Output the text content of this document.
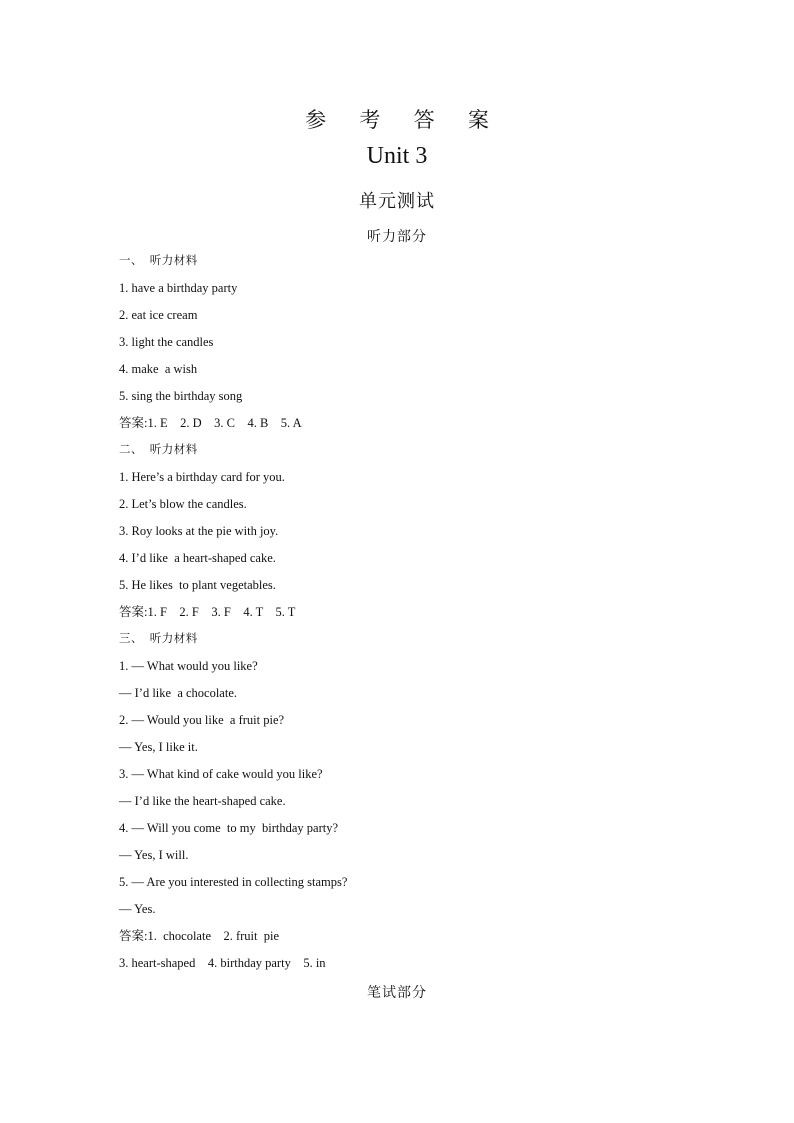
参 考 答 案
Unit 3
单元测试
听力部分
一、  听力材料
1. have a birthday party
2. eat ice cream
3. light the candles
4. make  a wish
5. sing the birthday song
答案:1. E    2. D    3. C    4. B    5. A
二、  听力材料
1. Here’s a birthday card for you.
2. Let’s blow the candles.
3. Roy looks at the pie with joy.
4. I’d like  a heart-shaped cake.
5. He likes  to plant vegetables.
答案:1. F    2. F    3. F    4. T    5. T
三、  听力材料
1. — What would you like?
— I’d like  a chocolate.
2. — Would you like  a fruit pie?
— Yes, I like it.
3. — What kind of cake would you like?
— I’d like the heart-shaped cake.
4. — Will you come  to my  birthday party?
— Yes, I will.
5. — Are you interested in collecting stamps?
— Yes.
答案:1.  chocolate    2. fruit  pie
3. heart-shaped    4. birthday party    5. in
笔试部分
